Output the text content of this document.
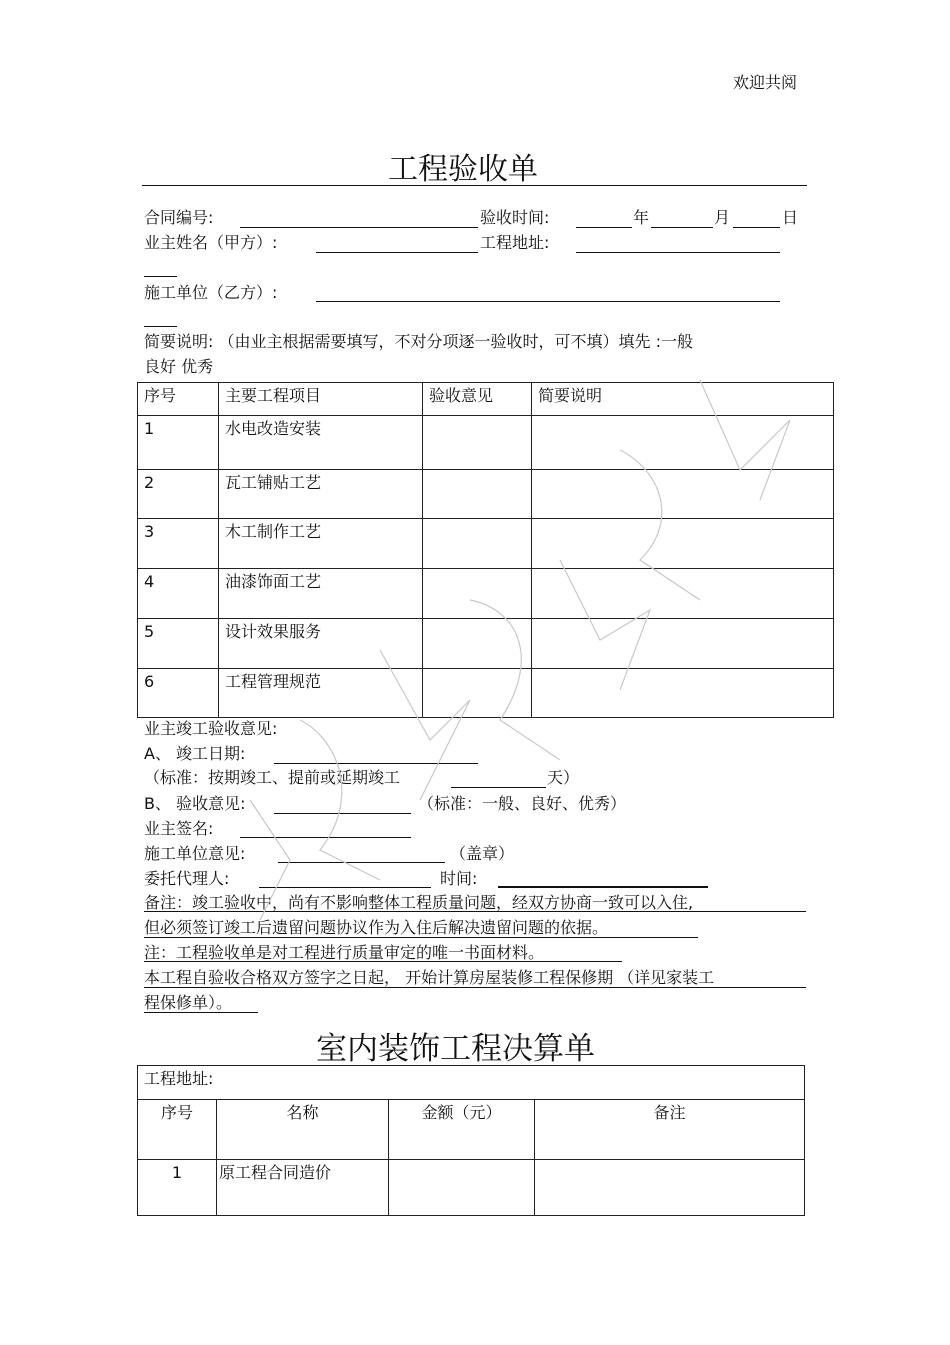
欢迎共阅
工程验收单
合同编号:	验收时间:	年	月	日
业主姓名（甲方）:	工程地址:
施工单位（乙方）:
简要说明: （由业主根据需要填写，不对分项逐一验收时，可不填）填先 :一般
良好 优秀
序号	主要工程项目	验收意见	简要说明
1	水电改造安装		
2	瓦工铺贴工艺		
3	木工制作工艺		
4	油漆饰面工艺		
5	设计效果服务		
6	工程管理规范		
业主竣工验收意见:
A、 竣工日期:
（标准：按期竣工、提前或延期竣工	天）
B、 验收意见:	（标准：一般、良好、优秀）
业主签名:
施工单位意见:	（盖章）
委托代理人:	时间:
备注：竣工验收中，尚有不影响整体工程质量问题，经双方协商一致可以入住,
但必须签订竣工后遗留问题协议作为入住后解决遗留问题的依据。
注：工程验收单是对工程进行质量审定的唯一书面材料。
本工程自验收合格双方签字之日起， 开始计算房屋装修工程保修期 （详见家装工
程保修单）。
室内装饰工程决算单
工程地址:			
序号	名称	金额（元）	备注
1	原工程合同造价		
